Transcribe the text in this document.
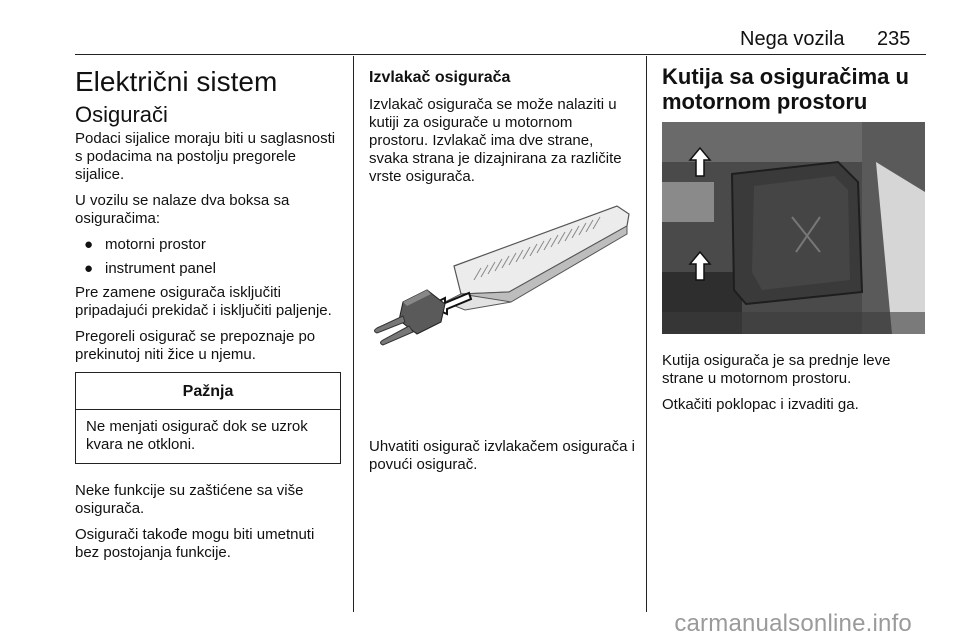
Nega vozila 235
Električni sistem
Osigurači

Podaci sijalice moraju biti u saglasnosti s podacima na postolju pregorele sijalice.

U vozilu se nalaze dva boksa sa osiguračima:

● motorni prostor
● instrument panel

Pre zamene osigurača isključiti pripadajući prekidač i isključiti paljenje.

Pregoreli osigurač se prepoznaje po prekinutoj niti žice u njemu.

Pažnja
Ne menjati osigurač dok se uzrok kvara ne otkloni.

Neke funkcije su zaštićene sa više osigurača.

Osigurači takođe mogu biti umetnuti bez postojanja funkcije.

Izvlakač osigurača

Izvlakač osigurača se može nalaziti u kutiji za osigurače u motornom prostoru. Izvlakač ima dve strane, svaka strana je dizajnirana za različite vrste osigurača.

Uhvatiti osigurač izvlakačem osigurača i povući osigurač.

Kutija sa osiguračima u motornom prostoru

Kutija osigurača je sa prednje leve strane u motornom prostoru.

Otkačiti poklopac i izvaditi ga.

carmanualsonline.info
